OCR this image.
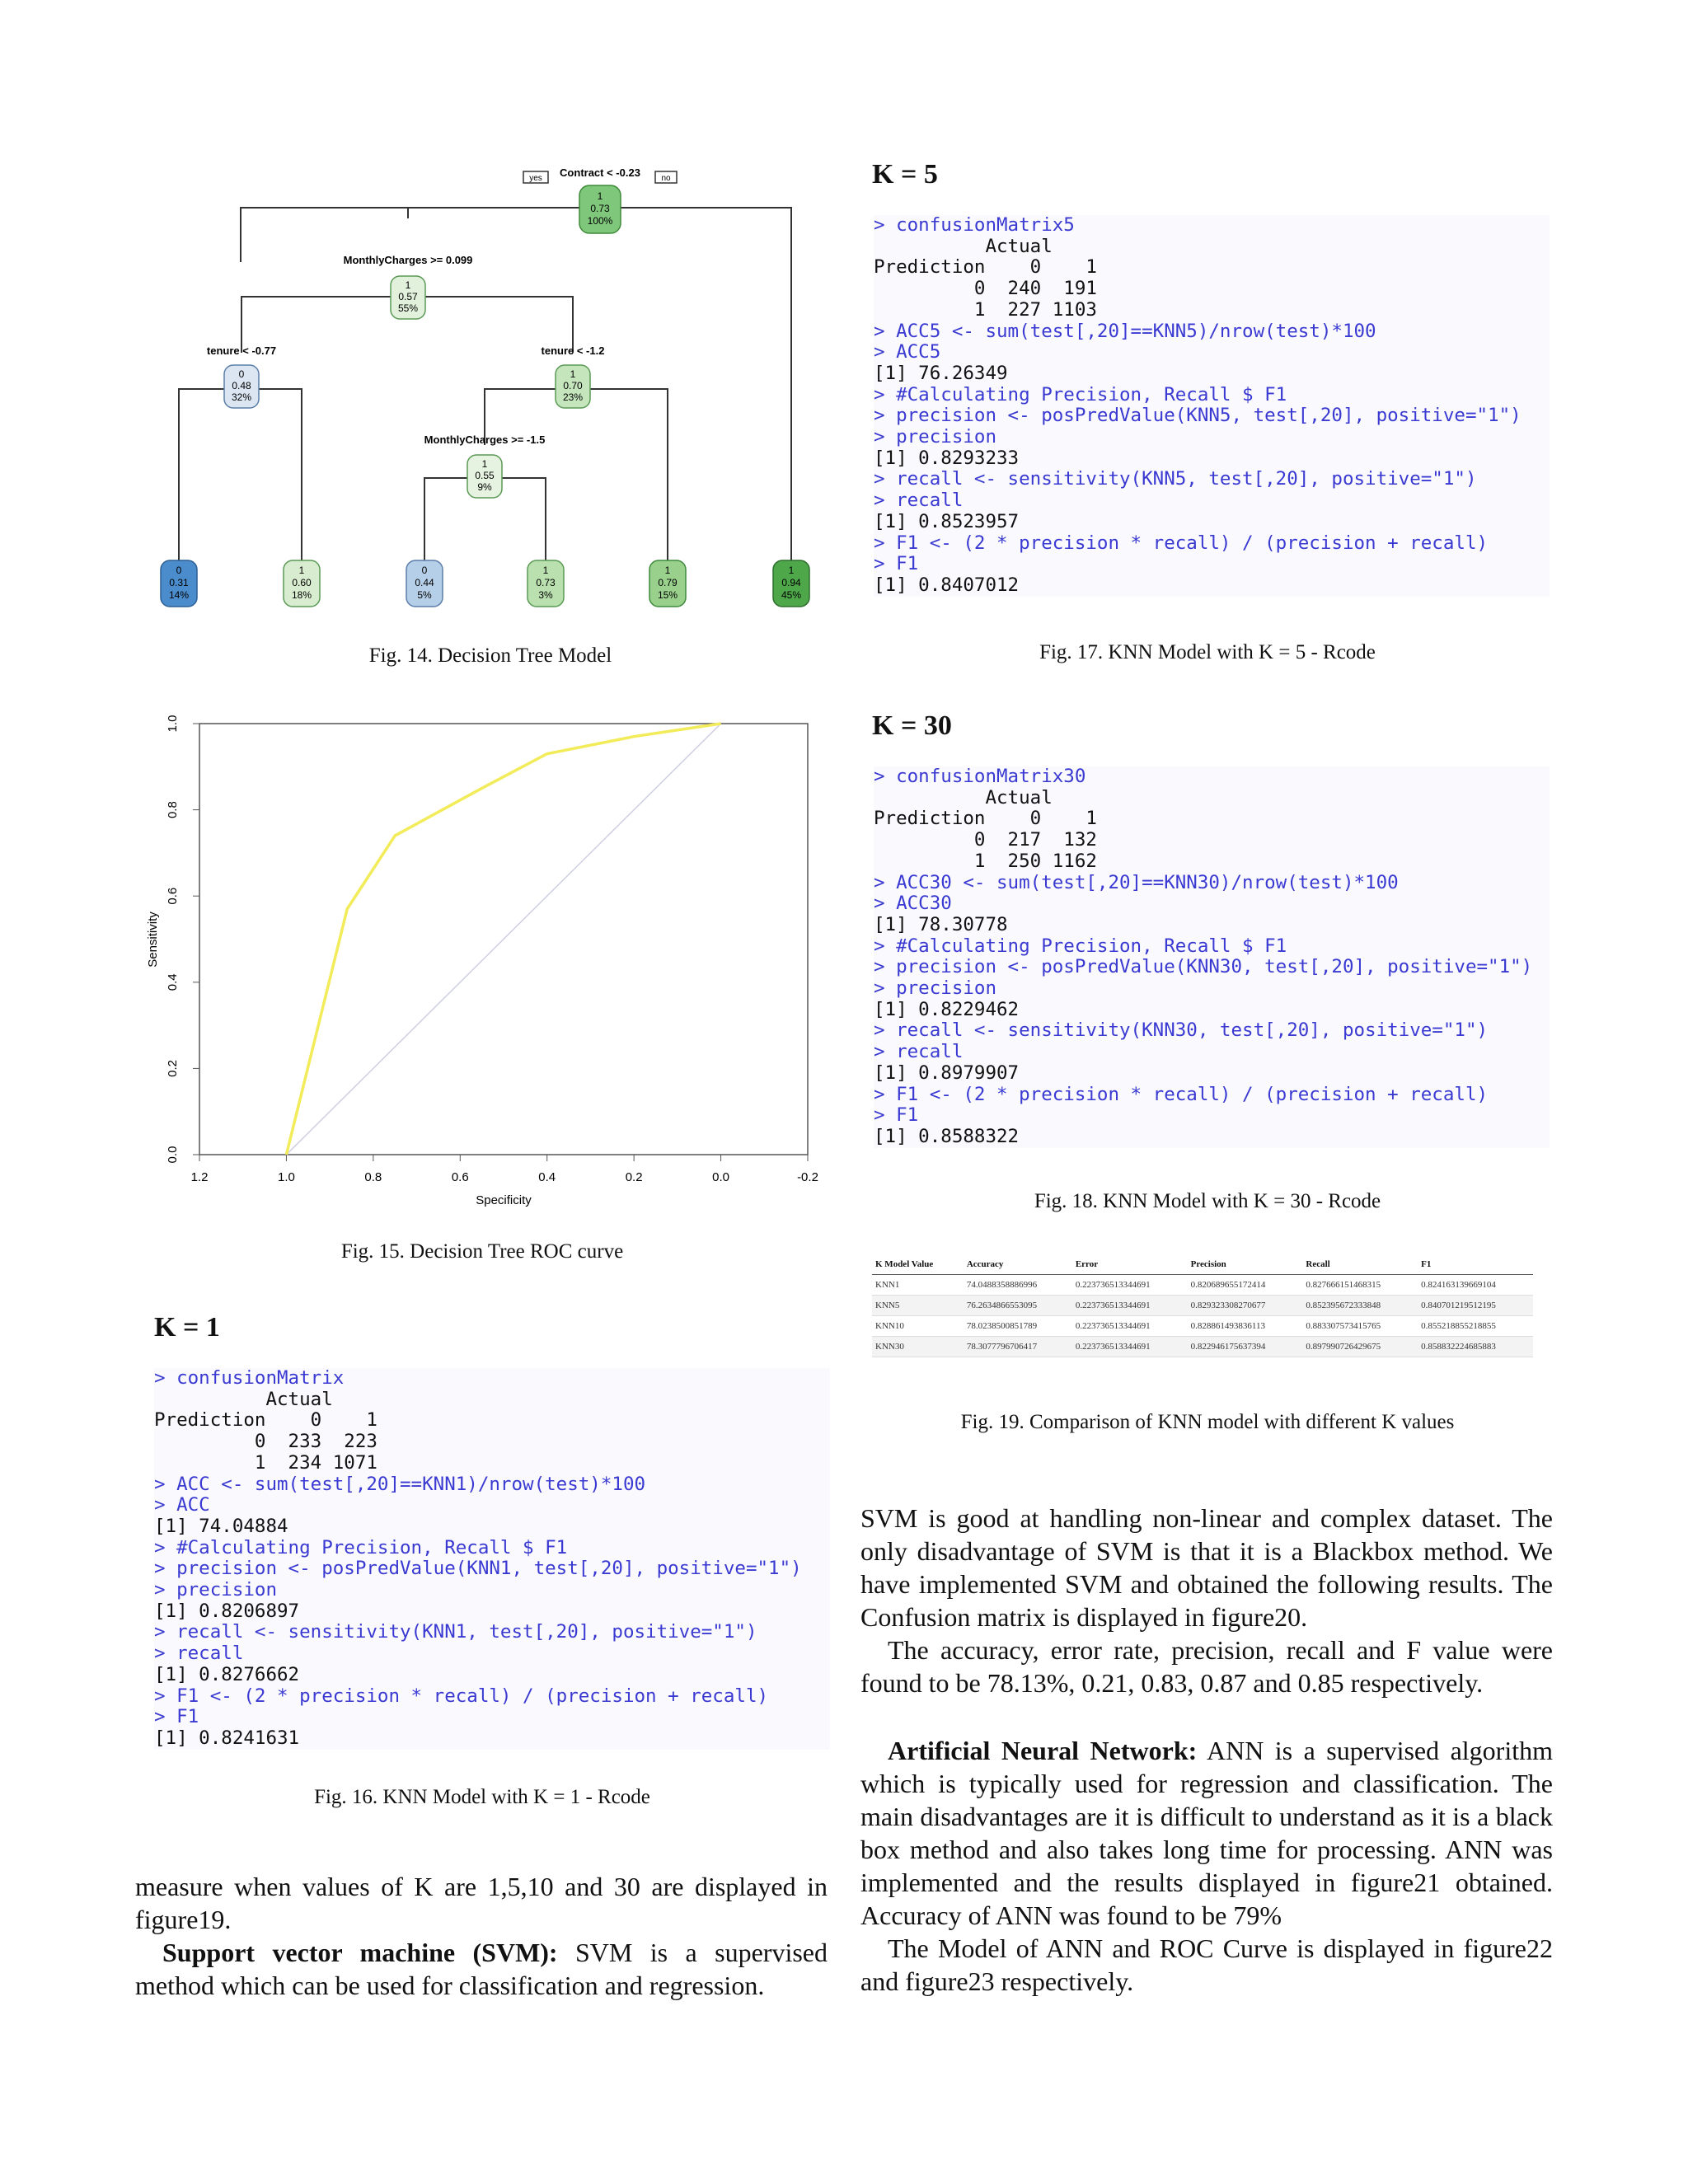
yes	no
Contract < -0.23
1
0.73
100%
MonthlyCharges >= 0.099
1
0.57
55%
tenure < -0.77
0
0.48
32%
tenure < -1.2
1
0.70
23%
MonthlyCharges >= -1.5
1
0.55
9%
0
0.31
14%
1
0.60
18%
0
0.44
5%
1
0.73
3%
1
0.79
15%
1
0.94
45%
Fig. 14. Decision Tree Model
1.2	1.0	0.8	0.6	0.4	0.2	0.0	-0.2
0.0
0.2
0.4
0.6
0.8
1.0
Specificity
Sensitivity
Fig. 15. Decision Tree ROC curve
K = 1
> confusionMatrix
Actual
Prediction    0    1
0  233  223
1  234 1071
> ACC <- sum(test[,20]==KNN1)/nrow(test)*100
> ACC
[1] 74.04884
> #Calculating Precision, Recall $ F1
> precision <- posPredValue(KNN1, test[,20], positive="1")
> precision
[1] 0.8206897
> recall <- sensitivity(KNN1, test[,20], positive="1")
> recall
[1] 0.8276662
> F1 <- (2 * precision * recall) / (precision + recall)
> F1
[1] 0.8241631
Fig. 16. KNN Model with K = 1 - Rcode
K = 5
> confusionMatrix5
Actual
Prediction    0    1
0  240  191
1  227 1103
> ACC5 <- sum(test[,20]==KNN5)/nrow(test)*100
> ACC5
[1] 76.26349
> #Calculating Precision, Recall $ F1
> precision <- posPredValue(KNN5, test[,20], positive="1")
> precision
[1] 0.8293233
> recall <- sensitivity(KNN5, test[,20], positive="1")
> recall
[1] 0.8523957
> F1 <- (2 * precision * recall) / (precision + recall)
> F1
[1] 0.8407012
Fig. 17. KNN Model with K = 5 - Rcode
K = 30
> confusionMatrix30
Actual
Prediction    0    1
0  217  132
1  250 1162
> ACC30 <- sum(test[,20]==KNN30)/nrow(test)*100
> ACC30
[1] 78.30778
> #Calculating Precision, Recall $ F1
> precision <- posPredValue(KNN30, test[,20], positive="1")
> precision
[1] 0.8229462
> recall <- sensitivity(KNN30, test[,20], positive="1")
> recall
[1] 0.8979907
> F1 <- (2 * precision * recall) / (precision + recall)
> F1
[1] 0.8588322
Fig. 18. KNN Model with K = 30 - Rcode
K Model Value	Accuracy	Error	Precision	Recall	F1
KNN1	74.0488358886996	0.223736513344691	0.820689655172414	0.827666151468315	0.824163139669104
KNN5	76.2634866553095	0.223736513344691	0.829323308270677	0.852395672333848	0.840701219512195
KNN10	78.0238500851789	0.223736513344691	0.828861493836113	0.883307573415765	0.855218855218855
KNN30	78.3077796706417	0.223736513344691	0.822946175637394	0.897990726429675	0.858832224685883
Fig. 19. Comparison of KNN model with different K values

measure when values of K are 1,5,10 and 30 are displayed in figure19.

Support vector machine (SVM): SVM is a supervised method which can be used for classification and regression.

SVM is good at handling non-linear and complex dataset. The only disadvantage of SVM is that it is a Blackbox method. We have implemented SVM and obtained the following results. The Confusion matrix is displayed in figure20.

The accuracy, error rate, precision, recall and F value were found to be 78.13%, 0.21, 0.83, 0.87 and 0.85 respectively.

Artificial Neural Network: ANN is a supervised algorithm which is typically used for regression and classification. The main disadvantages are it is difficult to understand as it is a black box method and also takes long time for processing. ANN was implemented and the results displayed in figure21 obtained. Accuracy of ANN was found to be 79%

The Model of ANN and ROC Curve is displayed in figure22 and figure23 respectively.
